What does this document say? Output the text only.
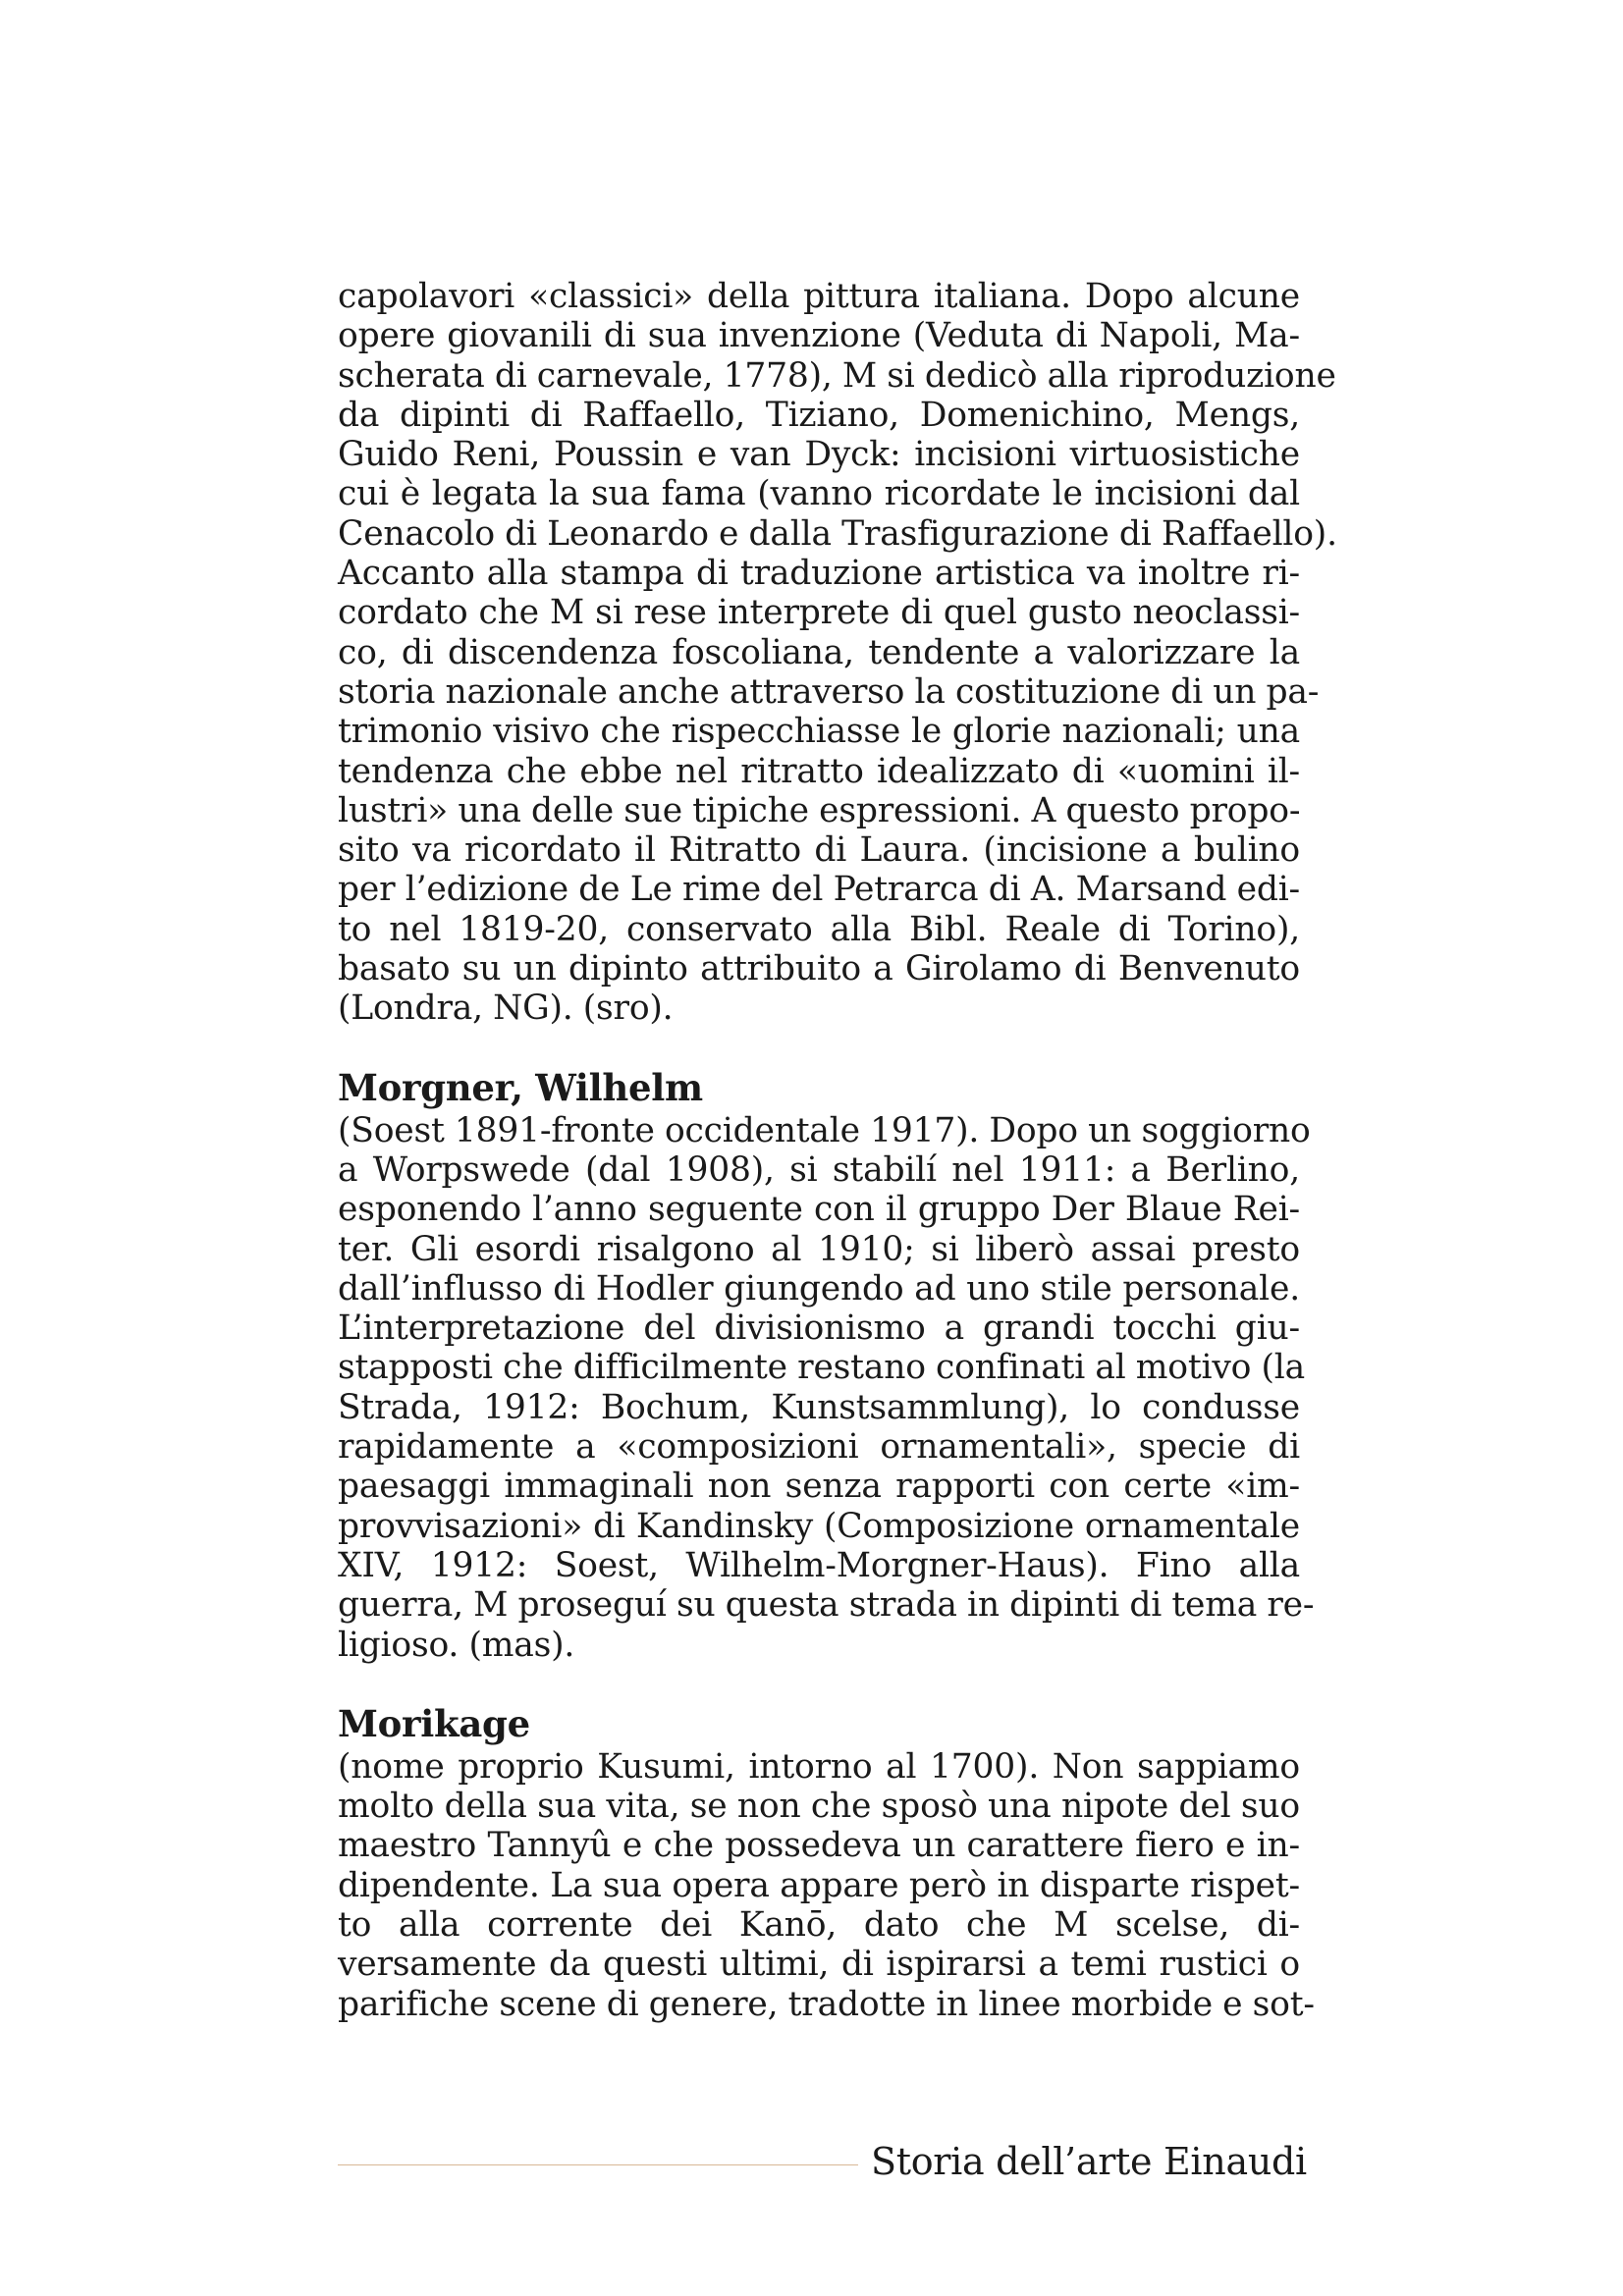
capolavori «classici» della pittura italiana. Dopo alcune
opere giovanili di sua invenzione (Veduta di Napoli, Ma-
scherata di carnevale, 1778), M si dedicò alla riproduzione
da dipinti di Raffaello, Tiziano, Domenichino, Mengs,
Guido Reni, Poussin e van Dyck: incisioni virtuosistiche
cui è legata la sua fama (vanno ricordate le incisioni dal
Cenacolo di Leonardo e dalla Trasfigurazione di Raffaello).
Accanto alla stampa di traduzione artistica va inoltre ri-
cordato che M si rese interprete di quel gusto neoclassi-
co, di discendenza foscoliana, tendente a valorizzare la
storia nazionale anche attraverso la costituzione di un pa-
trimonio visivo che rispecchiasse le glorie nazionali; una
tendenza che ebbe nel ritratto idealizzato di «uomini il-
lustri» una delle sue tipiche espressioni. A questo propo-
sito va ricordato il Ritratto di Laura. (incisione a bulino
per l’edizione de Le rime del Petrarca di A. Marsand edi-
to nel 1819-20, conservato alla Bibl. Reale di Torino),
basato su un dipinto attribuito a Girolamo di Benvenuto
(Londra, NG). (sro).
Morgner, Wilhelm
(Soest 1891-fronte occidentale 1917). Dopo un soggiorno
a Worpswede (dal 1908), si stabilí nel 1911: a Berlino,
esponendo l’anno seguente con il gruppo Der Blaue Rei-
ter. Gli esordi risalgono al 1910; si liberò assai presto
dall’influsso di Hodler giungendo ad uno stile personale.
L’interpretazione del divisionismo a grandi tocchi giu-
stapposti che difficilmente restano confinati al motivo (la
Strada, 1912: Bochum, Kunstsammlung), lo condusse
rapidamente a «composizioni ornamentali», specie di
paesaggi immaginali non senza rapporti con certe «im-
provvisazioni» di Kandinsky (Composizione ornamentale
XIV, 1912: Soest, Wilhelm-Morgner-Haus). Fino alla
guerra, M proseguí su questa strada in dipinti di tema re-
ligioso. (mas).
Morikage
(nome proprio Kusumi, intorno al 1700). Non sappiamo
molto della sua vita, se non che sposò una nipote del suo
maestro Tannyû e che possedeva un carattere fiero e in-
dipendente. La sua opera appare però in disparte rispet-
to alla corrente dei Kanō, dato che M scelse, di-
versamente da questi ultimi, di ispirarsi a temi rustici o
parifiche scene di genere, tradotte in linee morbide e sot-
Storia dell’arte Einaudi
